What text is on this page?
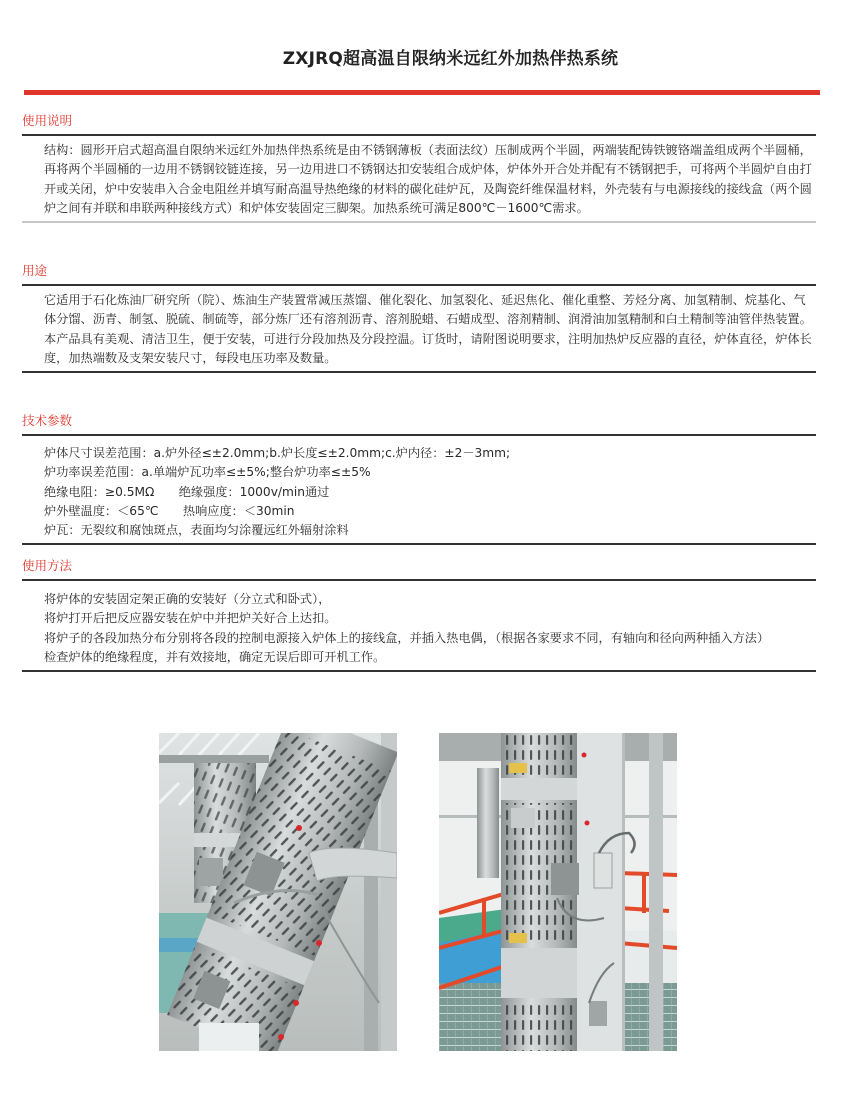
ZXJRQ超高温自限纳米远红外加热伴热系统
使用说明

结构：圆形开启式超高温自限纳米远红外加热伴热系统是由不锈钢薄板（表面法纹）压制成两个半圆，两端装配铸铁镀铬端盖组成两个半圆桶，再将两个半圆桶的一边用不锈钢铰链连接，另一边用进口不锈钢达扣安装组合成炉体，炉体外开合处并配有不锈钢把手，可将两个半圆炉自由打开或关闭，炉中安装串入合金电阻丝并填写耐高温导热绝缘的材料的碳化硅炉瓦，及陶瓷纤维保温材料，外壳装有与电源接线的接线盒（两个圆炉之间有并联和串联两种接线方式）和炉体安装固定三脚架。加热系统可满足800℃－1600℃需求。

用途

它适用于石化炼油厂研究所（院）、炼油生产装置常减压蒸馏、催化裂化、加氢裂化、延迟焦化、催化重整、芳烃分离、加氢精制、烷基化、气体分馏、沥青、制氢、脱硫、制硫等，部分炼厂还有溶剂沥青、溶剂脱蜡、石蜡成型、溶剂精制、润滑油加氢精制和白土精制等油管伴热装置。

本产品具有美观、清洁卫生，便于安装，可进行分段加热及分段控温。订货时，请附图说明要求，注明加热炉反应器的直径，炉体直径，炉体长度，加热端数及支架安装尺寸，每段电压功率及数量。

技术参数

炉体尺寸误差范围：a.炉外径≤±2.0mm;b.炉长度≤±2.0mm;c.炉内径：±2－3mm;

炉功率误差范围：a.单端炉瓦功率≤±5%;整台炉功率≤±5%

绝缘电阻：≥0.5MΩ　　绝缘强度：1000v/min通过

炉外壁温度：＜65℃　　热响应度：＜30min

炉瓦：无裂纹和腐蚀斑点，表面均匀涂覆远红外辐射涂料

使用方法

将炉体的安装固定架正确的安装好（分立式和卧式），

将炉打开后把反应器安装在炉中并把炉关好合上达扣。

将炉子的各段加热分布分别将各段的控制电源接入炉体上的接线盒，并插入热电偶，（根据各家要求不同，有轴向和径向两种插入方法）

检查炉体的绝缘程度，并有效接地，确定无误后即可开机工作。
